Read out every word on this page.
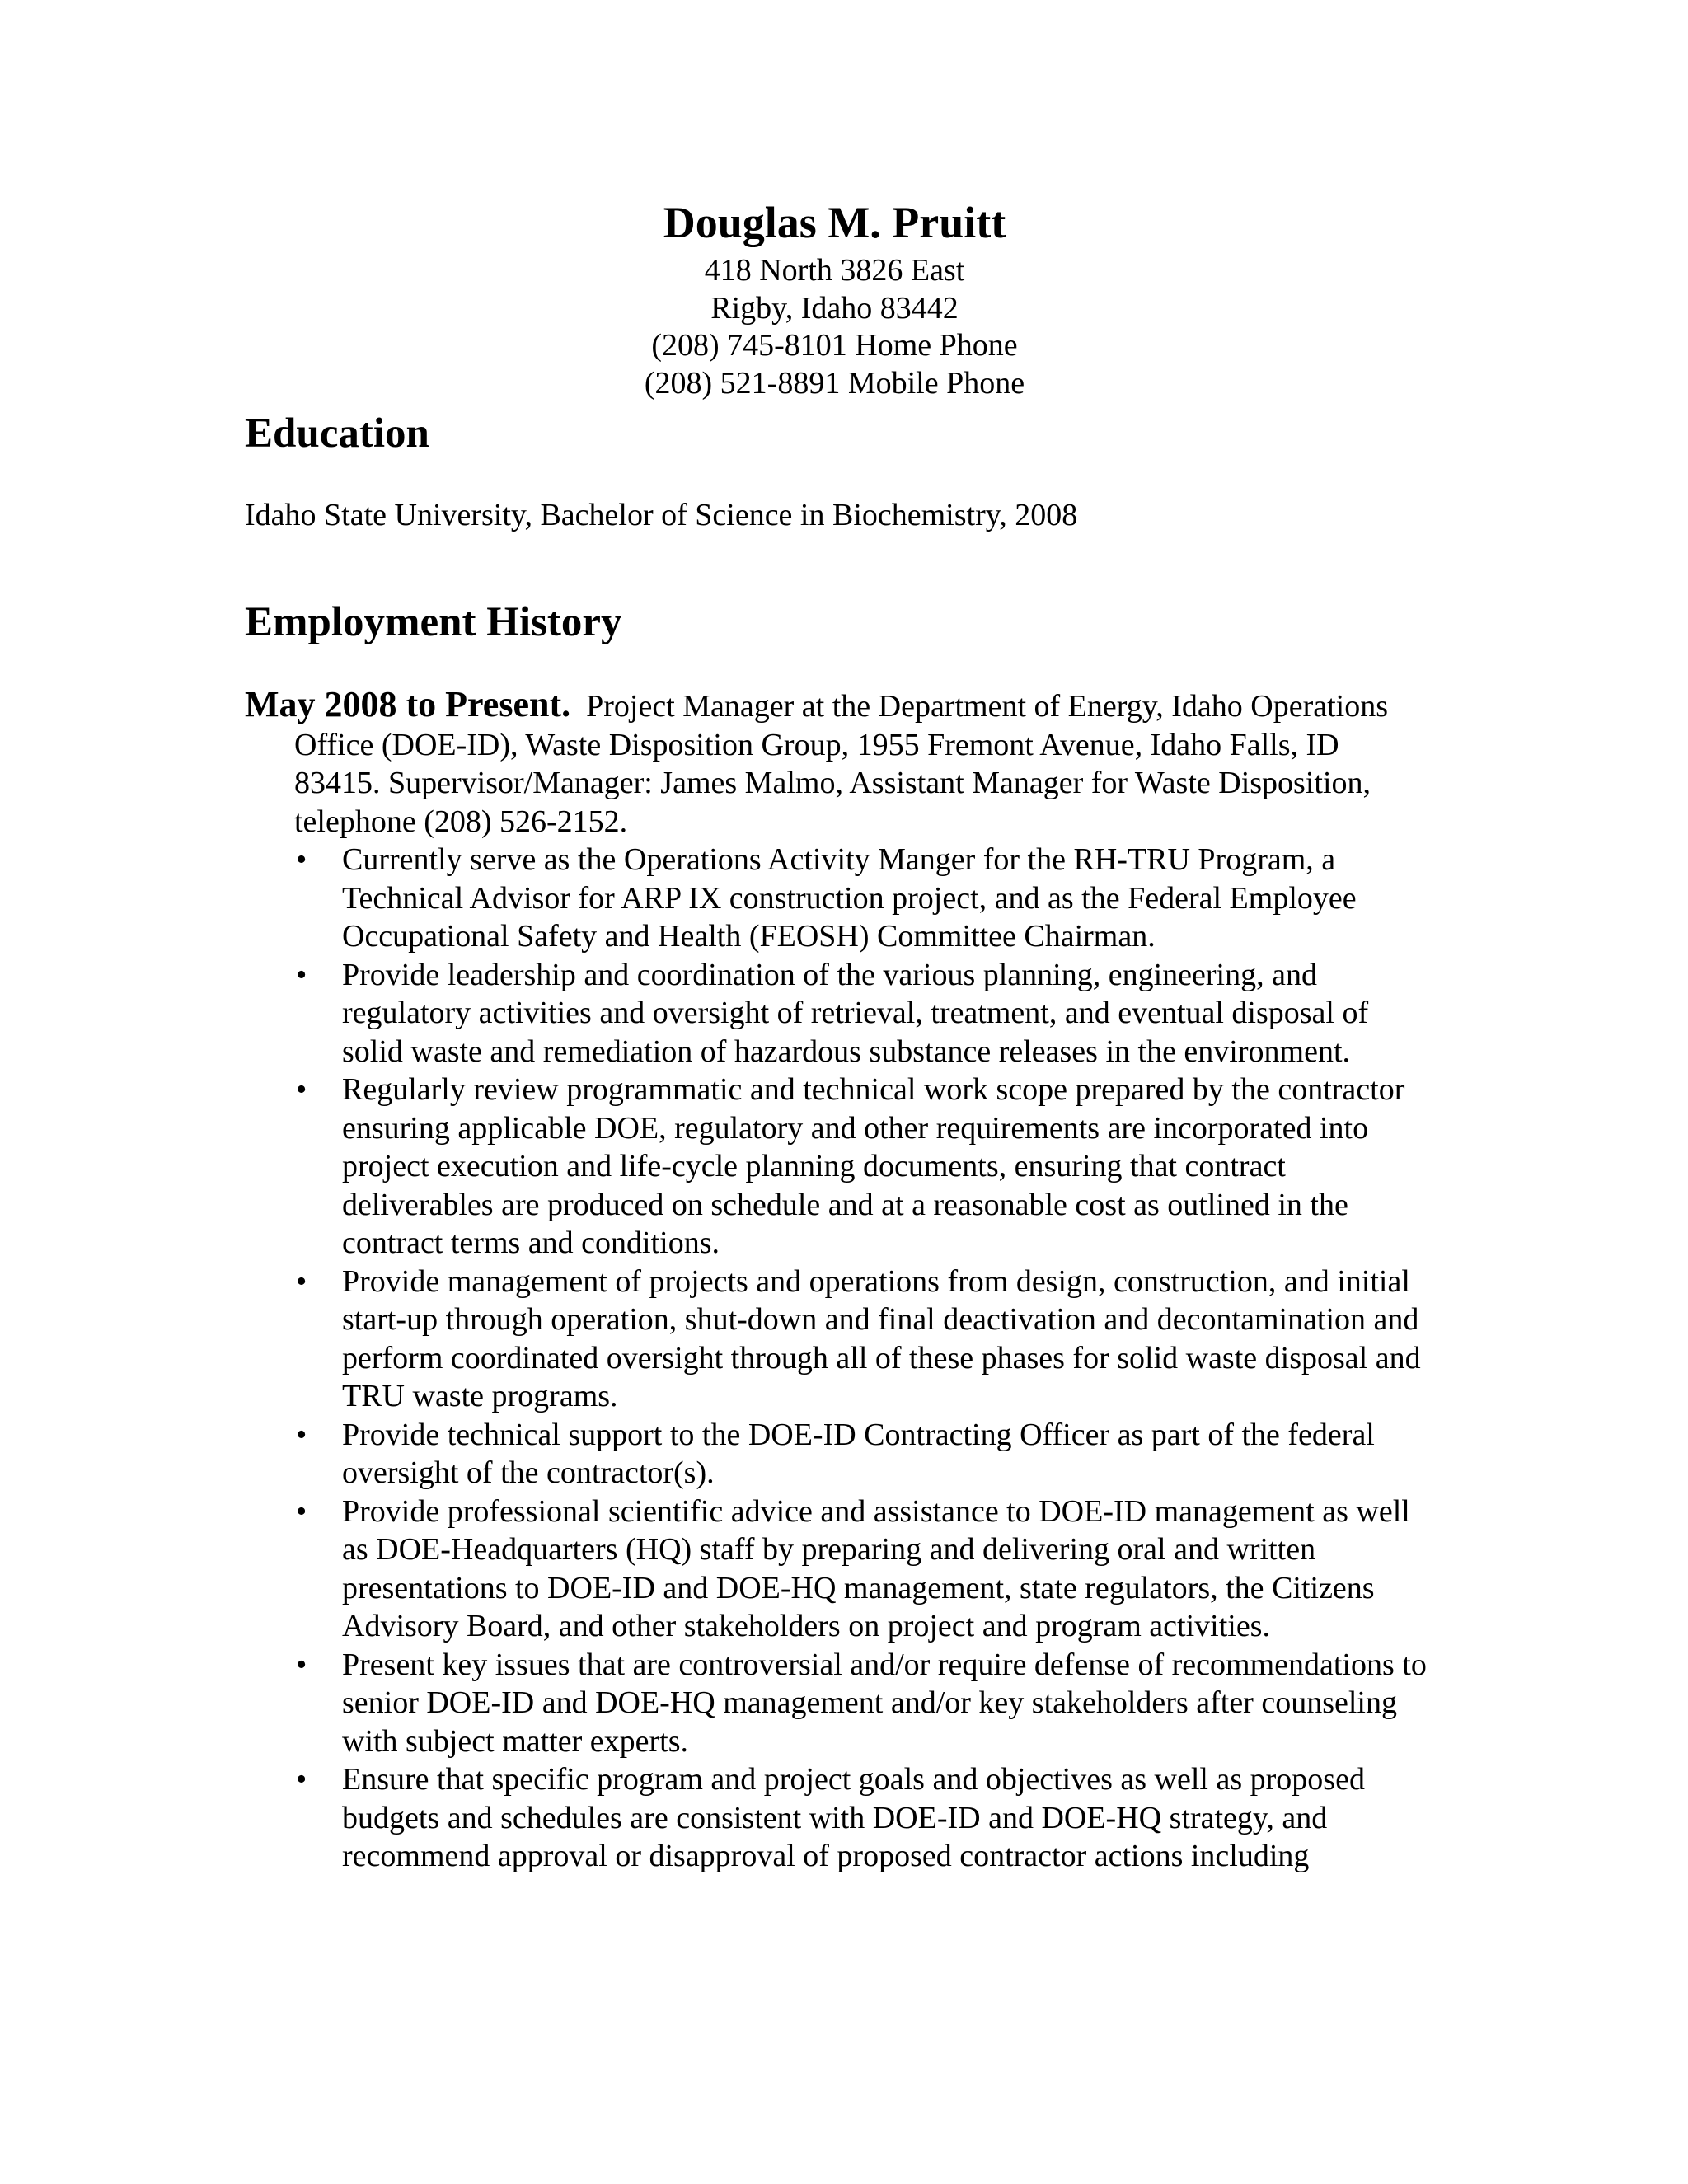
Douglas M. Pruitt

418 North 3826 East

Rigby, Idaho 83442

(208) 745-8101 Home Phone

(208) 521-8891 Mobile Phone

Education

Idaho State University, Bachelor of Science in Biochemistry, 2008

Employment History

May 2008 to Present. Project Manager at the Department of Energy, Idaho Operations Office (DOE-ID), Waste Disposition Group, 1955 Fremont Avenue, Idaho Falls, ID 83415. Supervisor/Manager: James Malmo, Assistant Manager for Waste Disposition, telephone (208) 526-2152.

• Currently serve as the Operations Activity Manger for the RH-TRU Program, a Technical Advisor for ARP IX construction project, and as the Federal Employee Occupational Safety and Health (FEOSH) Committee Chairman.
• Provide leadership and coordination of the various planning, engineering, and regulatory activities and oversight of retrieval, treatment, and eventual disposal of solid waste and remediation of hazardous substance releases in the environment.
• Regularly review programmatic and technical work scope prepared by the contractor ensuring applicable DOE, regulatory and other requirements are incorporated into project execution and life-cycle planning documents, ensuring that contract deliverables are produced on schedule and at a reasonable cost as outlined in the contract terms and conditions.
• Provide management of projects and operations from design, construction, and initial start-up through operation, shut-down and final deactivation and decontamination and perform coordinated oversight through all of these phases for solid waste disposal and TRU waste programs.
• Provide technical support to the DOE-ID Contracting Officer as part of the federal oversight of the contractor(s).
• Provide professional scientific advice and assistance to DOE-ID management as well as DOE-Headquarters (HQ) staff by preparing and delivering oral and written presentations to DOE-ID and DOE-HQ management, state regulators, the Citizens Advisory Board, and other stakeholders on project and program activities.
• Present key issues that are controversial and/or require defense of recommendations to senior DOE-ID and DOE-HQ management and/or key stakeholders after counseling with subject matter experts.
• Ensure that specific program and project goals and objectives as well as proposed budgets and schedules are consistent with DOE-ID and DOE-HQ strategy, and recommend approval or disapproval of proposed contractor actions including
